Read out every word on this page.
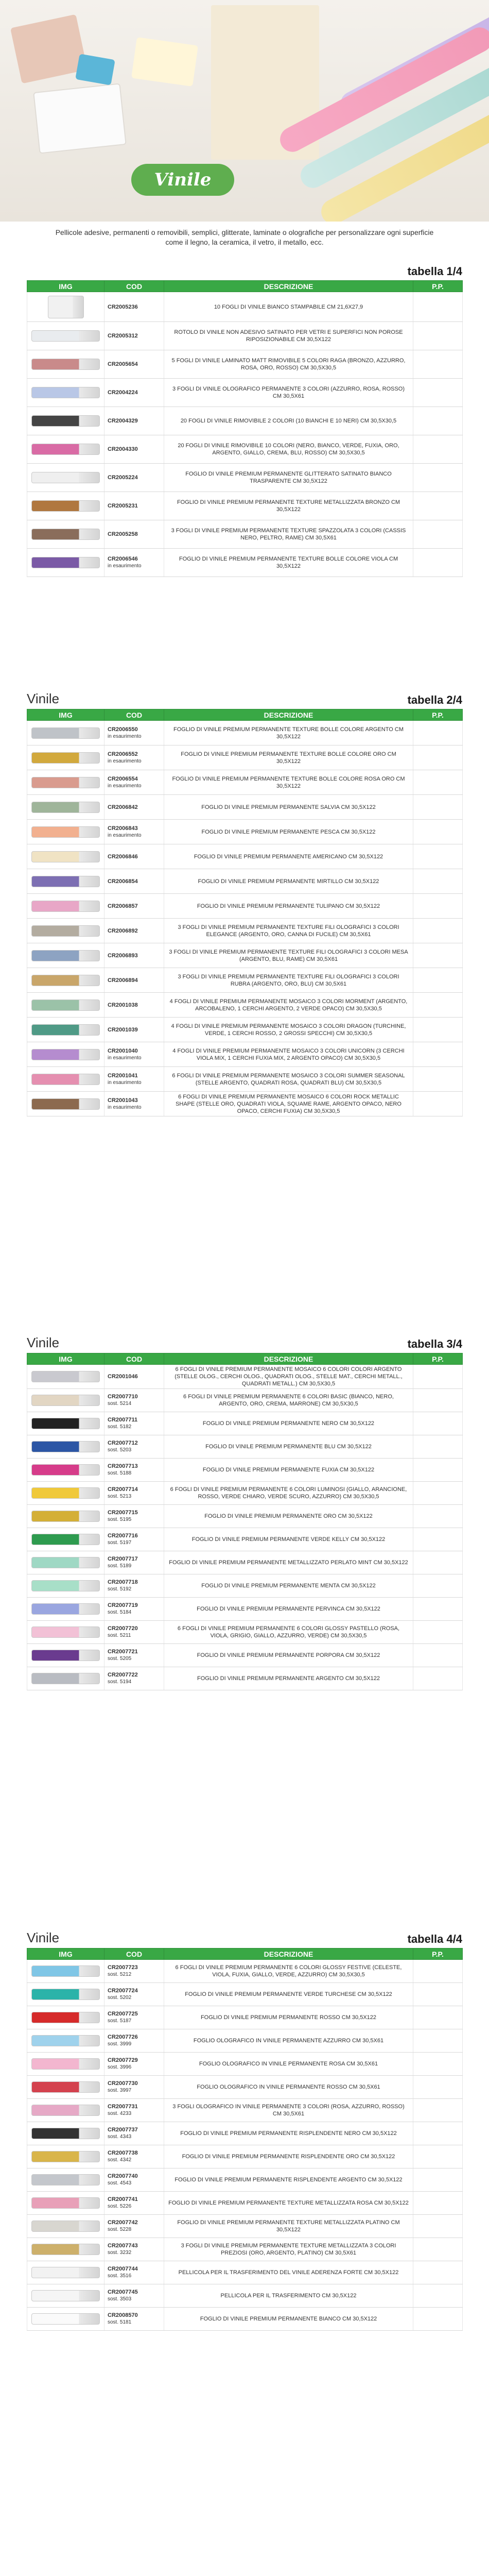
Vinile

Pellicole adesive, permanenti o removibili, semplici, glitterate, laminate o olografiche per personalizzare ogni superficie come il legno, la ceramica, il vetro, il metallo, ecc.

tabella 1/4
IMG	COD	DESCRIZIONE	P.P.

	CR2005236	10 FOGLI DI VINILE BIANCO STAMPABILE CM 21,6X27,9	

	CR2005312	ROTOLO DI VINILE NON ADESIVO SATINATO PER VETRI E SUPERFICI NON POROSE RIPOSIZIONABILE CM 30,5X122	

	CR2005654	5 FOGLI DI VINILE LAMINATO MATT RIMOVIBILE 5 COLORI RAGA (BRONZO, AZZURRO, ROSA, ORO, ROSSO) CM 30,5X30,5	

	CR2004224	3 FOGLI DI VINILE OLOGRAFICO PERMANENTE 3 COLORI (AZZURRO, ROSA, ROSSO) CM 30,5X61	

	CR2004329	20 FOGLI DI VINILE RIMOVIBILE 2 COLORI (10 BIANCHI E 10 NERI) CM 30,5X30,5	

	CR2004330	20 FOGLI DI VINILE RIMOVIBILE 10 COLORI (NERO, BIANCO, VERDE, FUXIA, ORO, ARGENTO, GIALLO, CREMA, BLU, ROSSO) CM 30,5X30,5	

	CR2005224	FOGLIO DI VINILE PREMIUM PERMANENTE GLITTERATO SATINATO BIANCO TRASPARENTE CM 30,5X122	

	CR2005231	FOGLIO DI VINILE PREMIUM PERMANENTE TEXTURE METALLIZZATA BRONZO CM 30,5X122	

	CR2005258	3 FOGLI DI VINILE PREMIUM PERMANENTE TEXTURE SPAZZOLATA 3 COLORI (CASSIS NERO, PELTRO, RAME) CM 30,5X61	

	CR2006546
in esaurimento	FOGLIO DI VINILE PREMIUM PERMANENTE TEXTURE BOLLE COLORE VIOLA CM 30,5X122	
Vinile	tabella 2/4
IMG	COD	DESCRIZIONE	P.P.

	CR2006550
in esaurimento	FOGLIO DI VINILE PREMIUM PERMANENTE TEXTURE BOLLE COLORE ARGENTO CM 30,5X122	

	CR2006552
in esaurimento	FOGLIO DI VINILE PREMIUM PERMANENTE TEXTURE BOLLE COLORE ORO CM 30,5X122	

	CR2006554
in esaurimento	FOGLIO DI VINILE PREMIUM PERMANENTE TEXTURE BOLLE COLORE ROSA ORO CM 30,5X122	

	CR2006842	FOGLIO DI VINILE PREMIUM PERMANENTE SALVIA CM 30,5X122	

	CR2006843
in esaurimento	FOGLIO DI VINILE PREMIUM PERMANENTE PESCA CM 30,5X122	

	CR2006846	FOGLIO DI VINILE PREMIUM PERMANENTE AMERICANO CM 30,5X122	

	CR2006854	FOGLIO DI VINILE PREMIUM PERMANENTE MIRTILLO CM 30,5X122	

	CR2006857	FOGLIO DI VINILE PREMIUM PERMANENTE TULIPANO CM 30,5X122	

	CR2006892	3 FOGLI DI VINILE PREMIUM PERMANENTE TEXTURE FILI OLOGRAFICI 3 COLORI ELEGANCE (ARGENTO, ORO, CANNA DI FUCILE) CM 30,5X61	

	CR2006893	3 FOGLI DI VINILE PREMIUM PERMANENTE TEXTURE FILI OLOGRAFICI 3 COLORI MESA (ARGENTO, BLU, RAME) CM 30,5X61	

	CR2006894	3 FOGLI DI VINILE PREMIUM PERMANENTE TEXTURE FILI OLOGRAFICI 3 COLORI RUBRA (ARGENTO, ORO, BLU) CM 30,5X61	

	CR2001038	4 FOGLI DI VINILE PREMIUM PERMANENTE MOSAICO 3 COLORI MORMENT (ARGENTO, ARCOBALENO, 1 CERCHI ARGENTO, 2 VERDE OPACO) CM 30,5X30,5	

	CR2001039	4 FOGLI DI VINILE PREMIUM PERMANENTE MOSAICO 3 COLORI DRAGON (TURCHINE, VERDE, 1 CERCHI ROSSO, 2 GROSSI SPECCHI) CM 30,5X30,5	

	CR2001040
in esaurimento	4 FOGLI DI VINILE PREMIUM PERMANENTE MOSAICO 3 COLORI UNICORN (3 CERCHI VIOLA MIX, 1 CERCHI FUXIA MIX, 2 ARGENTO OPACO) CM 30,5X30,5	

	CR2001041
in esaurimento	6 FOGLI DI VINILE PREMIUM PERMANENTE MOSAICO 3 COLORI SUMMER SEASONAL (STELLE ARGENTO, QUADRATI ROSA, QUADRATI BLU) CM 30,5X30,5	

	CR2001043
in esaurimento	6 FOGLI DI VINILE PREMIUM PERMANENTE MOSAICO 6 COLORI ROCK METALLIC SHAPE (STELLE ORO, QUADRATI VIOLA, SQUAME RAME, ARGENTO OPACO, NERO OPACO, CERCHI FUXIA) CM 30,5X30,5	
Vinile	tabella 3/4
IMG	COD	DESCRIZIONE	P.P.

	CR2001046	6 FOGLI DI VINILE PREMIUM PERMANENTE MOSAICO 6 COLORI COLORI ARGENTO (STELLE OLOG., CERCHI OLOG., QUADRATI OLOG., STELLE MAT., CERCHI METALL., QUADRATI METALL.) CM 30,5X30,5	

	CR2007710
sost. 5214	6 FOGLI DI VINILE PREMIUM PERMANENTE 6 COLORI BASIC (BIANCO, NERO, ARGENTO, ORO, CREMA, MARRONE) CM 30,5X30,5	

	CR2007711
sost. 5182	FOGLIO DI VINILE PREMIUM PERMANENTE NERO CM 30,5X122	

	CR2007712
sost. 5203	FOGLIO DI VINILE PREMIUM PERMANENTE BLU CM 30,5X122	

	CR2007713
sost. 5188	FOGLIO DI VINILE PREMIUM PERMANENTE FUXIA CM 30,5X122	

	CR2007714
sost. 5213	6 FOGLI DI VINILE PREMIUM PERMANENTE 6 COLORI LUMINOSI (GIALLO, ARANCIONE, ROSSO, VERDE CHIARO, VERDE SCURO, AZZURRO) CM 30,5X30,5	

	CR2007715
sost. 5195	FOGLIO DI VINILE PREMIUM PERMANENTE ORO CM 30,5X122	

	CR2007716
sost. 5197	FOGLIO DI VINILE PREMIUM PERMANENTE VERDE KELLY CM 30,5X122	

	CR2007717
sost. 5189	FOGLIO DI VINILE PREMIUM PERMANENTE METALLIZZATO PERLATO MINT CM 30,5X122	

	CR2007718
sost. 5192	FOGLIO DI VINILE PREMIUM PERMANENTE MENTA CM 30,5X122	

	CR2007719
sost. 5184	FOGLIO DI VINILE PREMIUM PERMANENTE PERVINCA CM 30,5X122	

	CR2007720
sost. 5211	6 FOGLI DI VINILE PREMIUM PERMANENTE 6 COLORI GLOSSY PASTELLO (ROSA, VIOLA, GRIGIO, GIALLO, AZZURRO, VERDE) CM 30,5X30,5	

	CR2007721
sost. 5205	FOGLIO DI VINILE PREMIUM PERMANENTE PORPORA CM 30,5X122	

	CR2007722
sost. 5194	FOGLIO DI VINILE PREMIUM PERMANENTE ARGENTO CM 30,5X122	
Vinile	tabella 4/4
IMG	COD	DESCRIZIONE	P.P.

	CR2007723
sost. 5212	6 FOGLI DI VINILE PREMIUM PERMANENTE 6 COLORI GLOSSY FESTIVE (CELESTE, VIOLA, FUXIA, GIALLO, VERDE, AZZURRO) CM 30,5X30,5	

	CR2007724
sost. 5202	FOGLIO DI VINILE PREMIUM PERMANENTE VERDE TURCHESE CM 30,5X122	

	CR2007725
sost. 5187	FOGLIO DI VINILE PREMIUM PERMANENTE ROSSO CM 30,5X122	

	CR2007726
sost. 3999	FOGLIO OLOGRAFICO IN VINILE PERMANENTE AZZURRO CM 30,5X61	

	CR2007729
sost. 3996	FOGLIO OLOGRAFICO IN VINILE PERMANENTE ROSA CM 30,5X61	

	CR2007730
sost. 3997	FOGLIO OLOGRAFICO IN VINILE PERMANENTE ROSSO CM 30,5X61	

	CR2007731
sost. 4233	3 FOGLI OLOGRAFICO IN VINILE PERMANENTE 3 COLORI (ROSA, AZZURRO, ROSSO) CM 30,5X61	

	CR2007737
sost. 4343	FOGLIO DI VINILE PREMIUM PERMANENTE RISPLENDENTE NERO CM 30,5X122	

	CR2007738
sost. 4342	FOGLIO DI VINILE PREMIUM PERMANENTE RISPLENDENTE ORO CM 30,5X122	

	CR2007740
sost. 4543	FOGLIO DI VINILE PREMIUM PERMANENTE RISPLENDENTE ARGENTO CM 30,5X122	

	CR2007741
sost. 5226	FOGLIO DI VINILE PREMIUM PERMANENTE TEXTURE METALLIZZATA ROSA CM 30,5X122	

	CR2007742
sost. 5228	FOGLIO DI VINILE PREMIUM PERMANENTE TEXTURE METALLIZZATA PLATINO CM 30,5X122	

	CR2007743
sost. 3232	3 FOGLI DI VINILE PREMIUM PERMANENTE TEXTURE METALLIZZATA 3 COLORI PREZIOSI (ORO, ARGENTO, PLATINO) CM 30,5X61	

	CR2007744
sost. 3516	PELLICOLA PER IL TRASFERIMENTO DEL VINILE ADERENZA FORTE CM 30,5X122	

	CR2007745
sost. 3503	PELLICOLA PER IL TRASFERIMENTO CM 30,5X122	

	CR2008570
sost. 5181	FOGLIO DI VINILE PREMIUM PERMANENTE BIANCO CM 30,5X122	
